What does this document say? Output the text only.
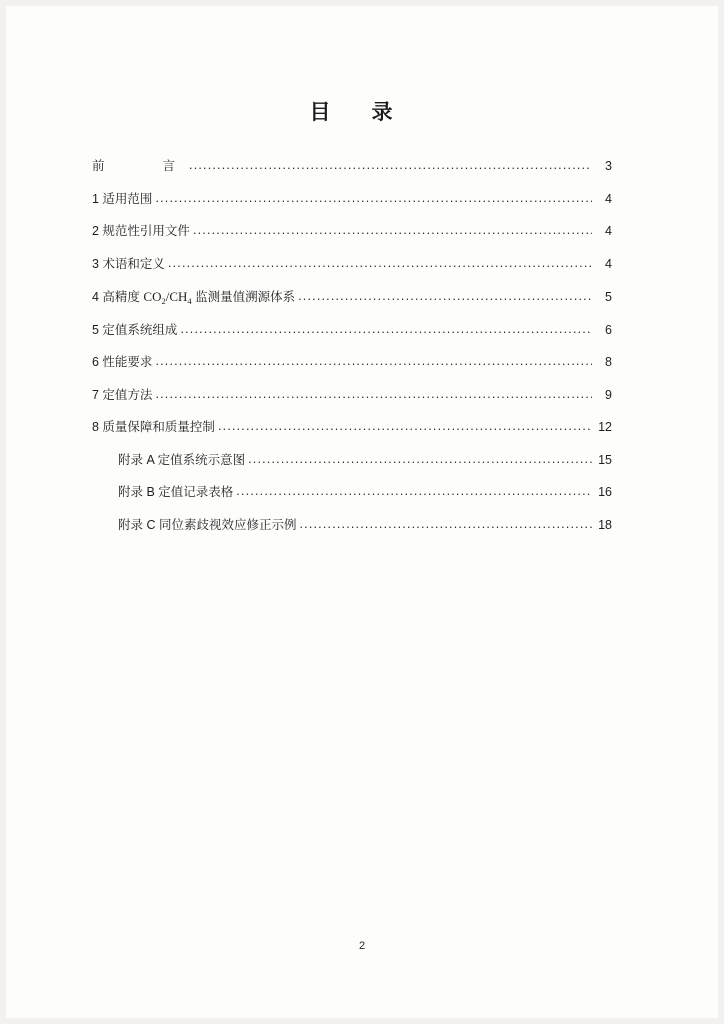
目　录
前　　言 .....	3
1 适用范围 .....	4
2 规范性引用文件 .....	4
3 术语和定义 .....	4
4 高精度 $CO_2/CH_4$ 监测量值溯源体系 .....	5
5 定值系统组成 .....	6
6 性能要求 .....	8
7 定值方法 .....	9
8 质量保障和质量控制 .....	12
附录 A 定值系统示意图 .....	15
附录 B 定值记录表格 .....	16
附录 C 同位素歧视效应修正示例 .....	18
2
